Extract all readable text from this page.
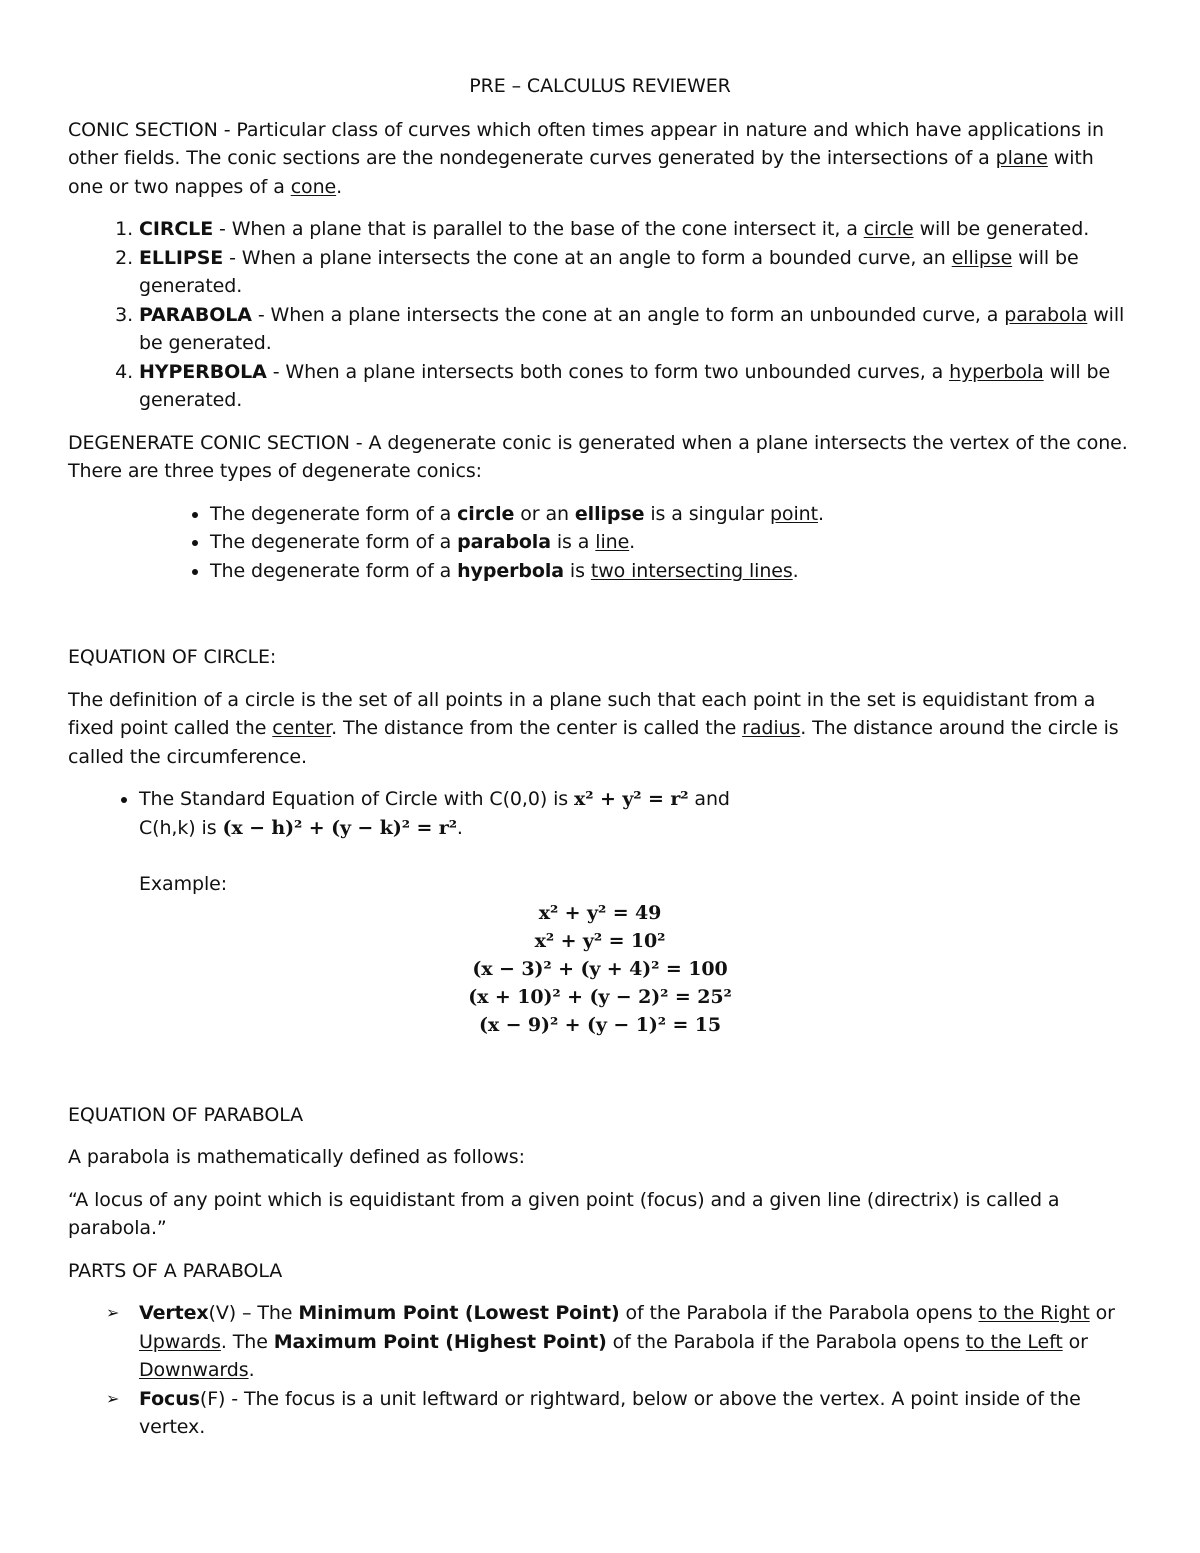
PRE – CALCULUS REVIEWER

CONIC SECTION - Particular class of curves which often times appear in nature and which have applications in other fields. The conic sections are the nondegenerate curves generated by the intersections of a plane with one or two nappes of a cone.

1. CIRCLE - When a plane that is parallel to the base of the cone intersect it, a circle will be generated.
2. ELLIPSE - When a plane intersects the cone at an angle to form a bounded curve, an ellipse will be generated.
3. PARABOLA - When a plane intersects the cone at an angle to form an unbounded curve, a parabola will be generated.
4. HYPERBOLA - When a plane intersects both cones to form two unbounded curves, a hyperbola will be generated.

DEGENERATE CONIC SECTION - A degenerate conic is generated when a plane intersects the vertex of the cone. There are three types of degenerate conics:

• The degenerate form of a circle or an ellipse is a singular point.
• The degenerate form of a parabola is a line.
• The degenerate form of a hyperbola is two intersecting lines.

EQUATION OF CIRCLE:

The definition of a circle is the set of all points in a plane such that each point in the set is equidistant from a fixed point called the center. The distance from the center is called the radius. The distance around the circle is called the circumference.

• The Standard Equation of Circle with C(0,0) is x² + y² = r² and
C(h,k) is (x − h)² + (y − k)² = r².
Example:
x² + y² = 49
x² + y² = 10²
(x − 3)² + (y + 4)² = 100
(x + 10)² + (y − 2)² = 25²
(x − 9)² + (y − 1)² = 15

EQUATION OF PARABOLA

A parabola is mathematically defined as follows:

“A locus of any point which is equidistant from a given point (focus) and a given line (directrix) is called a parabola.”

PARTS OF A PARABOLA

➢ Vertex(V) – The Minimum Point (Lowest Point) of the Parabola if the Parabola opens to the Right or Upwards. The Maximum Point (Highest Point) of the Parabola if the Parabola opens to the Left or Downwards.
➢ Focus(F) - The focus is a unit leftward or rightward, below or above the vertex. A point inside of the vertex.
